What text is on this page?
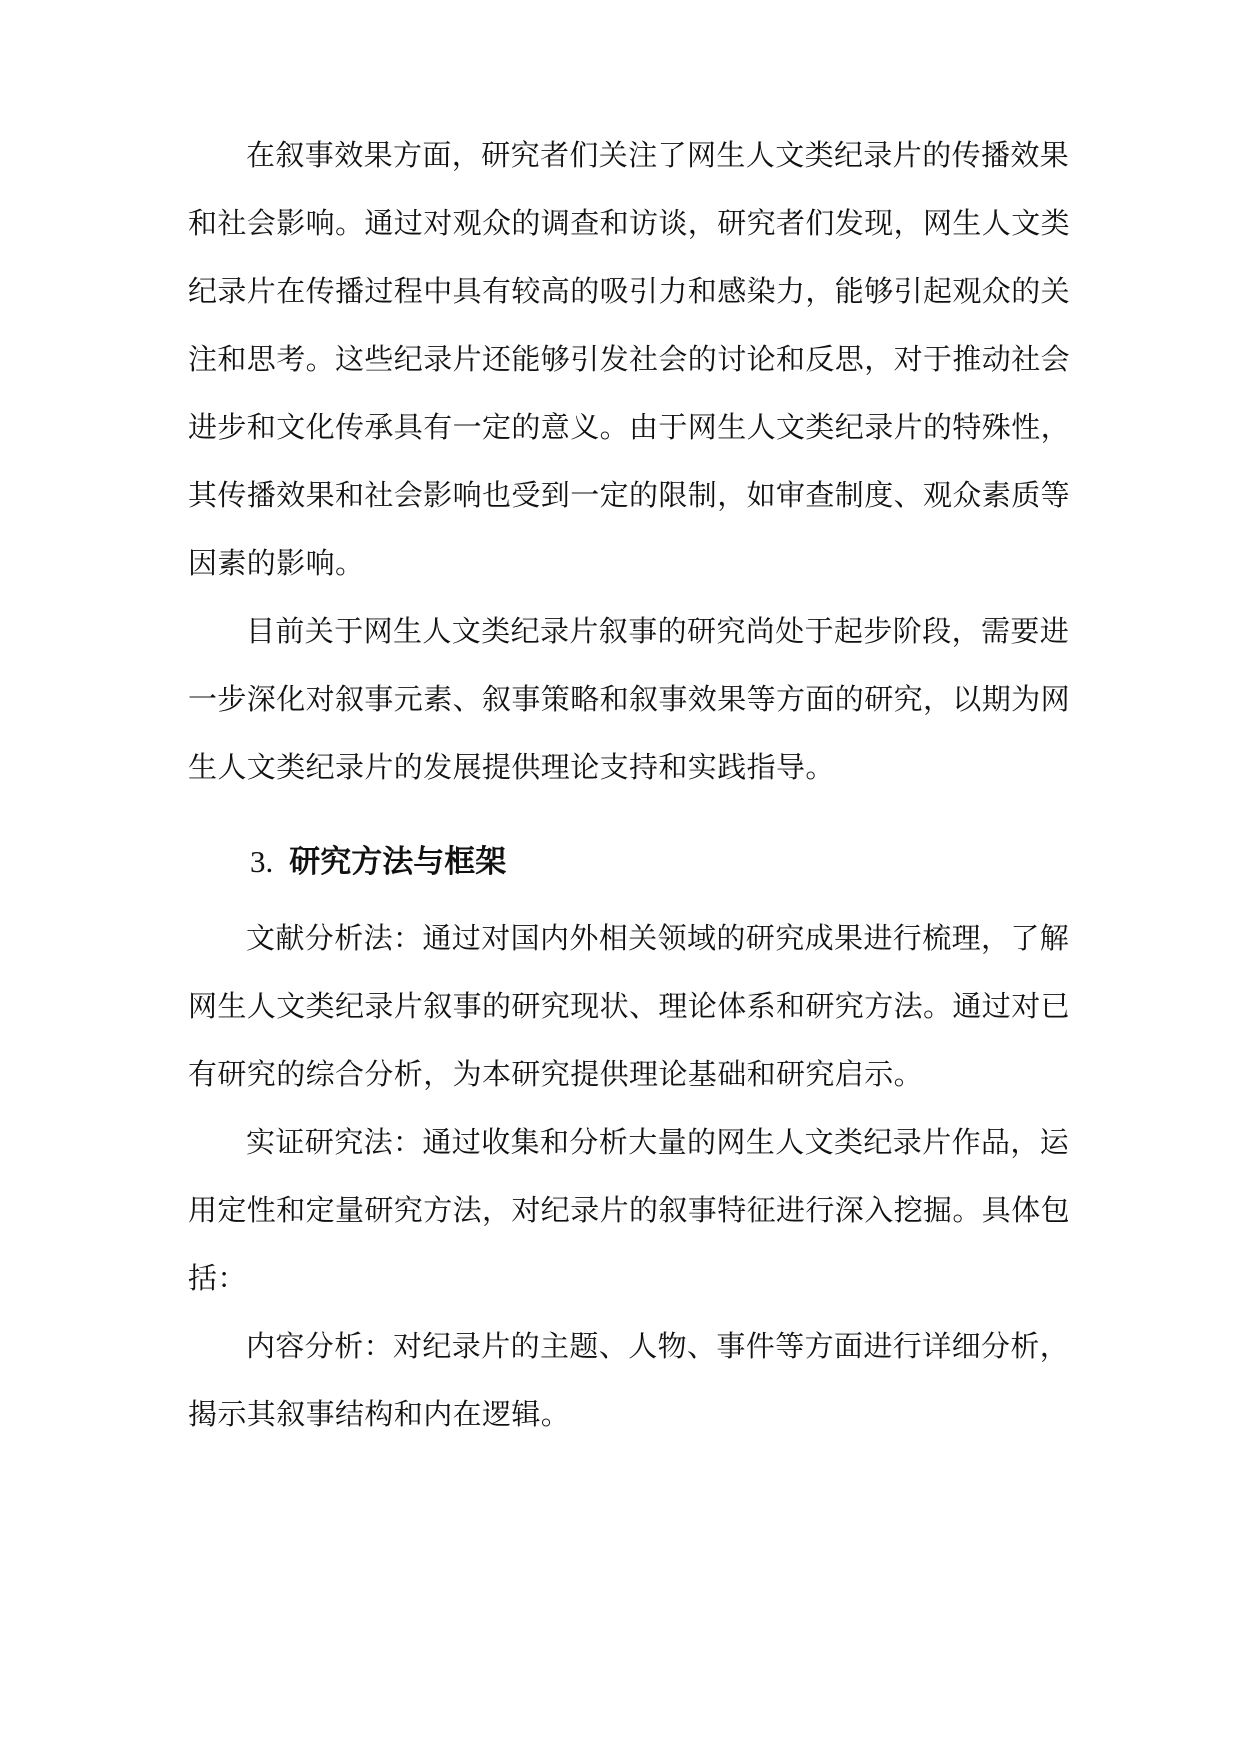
在叙事效果方面，研究者们关注了网生人文类纪录片的传播效果
和社会影响。通过对观众的调查和访谈，研究者们发现，网生人文类
纪录片在传播过程中具有较高的吸引力和感染力，能够引起观众的关
注和思考。这些纪录片还能够引发社会的讨论和反思，对于推动社会
进步和文化传承具有一定的意义。由于网生人文类纪录片的特殊性，
其传播效果和社会影响也受到一定的限制，如审查制度、观众素质等
因素的影响。
目前关于网生人文类纪录片叙事的研究尚处于起步阶段，需要进
一步深化对叙事元素、叙事策略和叙事效果等方面的研究，以期为网
生人文类纪录片的发展提供理论支持和实践指导。
3. 研究方法与框架
文献分析法：通过对国内外相关领域的研究成果进行梳理，了解
网生人文类纪录片叙事的研究现状、理论体系和研究方法。通过对已
有研究的综合分析，为本研究提供理论基础和研究启示。
实证研究法：通过收集和分析大量的网生人文类纪录片作品，运
用定性和定量研究方法，对纪录片的叙事特征进行深入挖掘。具体包
括：
内容分析：对纪录片的主题、人物、事件等方面进行详细分析，
揭示其叙事结构和内在逻辑。
